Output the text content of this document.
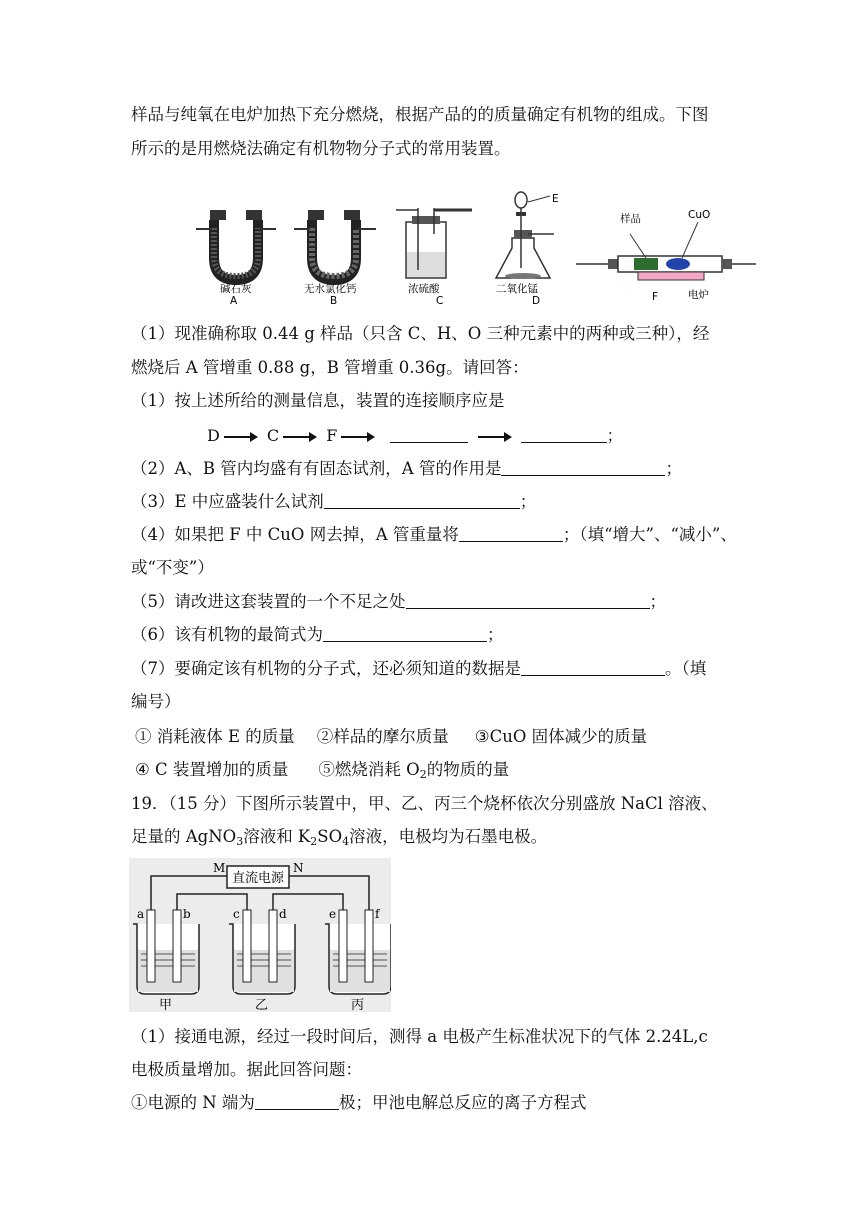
样品与纯氧在电炉加热下充分燃烧，根据产品的的质量确定有机物的组成。下图
所示的是用燃烧法确定有机物物分子式的常用装置。
碱石灰
A
无水氯化钙
B
浓硫酸
C
二氧化锰
D
E
样品	CuO
F	电炉
（1）现准确称取 0.44 g 样品（只含 C、H、O 三种元素中的两种或三种），经
燃烧后 A 管增重 0.88 g，B 管增重 0.36g。请回答：
（1）按上述所给的测量信息，装置的连接顺序应是
D	C	F	；
（2）A、B 管内均盛有有固态试剂，A 管的作用是	；
（3）E 中应盛装什么试剂	；
（4）如果把 F 中 CuO 网去掉，A 管重量将	；（填“增大”、“减小”、
或“不变”）
（5）请改进这套装置的一个不足之处	；
（6）该有机物的最简式为	；
（7）要确定该有机物的分子式，还必须知道的数据是	。（填
编号）
① 消耗液体 E 的质量 ②样品的摩尔质量 ③CuO 固体减少的质量
④ C 装置增加的质量 ⑤燃烧消耗 $O_2$的物质的量
19．（15 分）下图所示装置中，甲、乙、丙三个烧杯依次分别盛放 NaCl 溶液、
足量的 AgNO$_3$溶液和 $K_2SO_4$溶液，电极均为石墨电极。
直流电源
M	N
a	b	c	d	e	f
甲	乙	丙
（1）接通电源，经过一段时间后，测得 a 电极产生标准状况下的气体 2.24L,c
电极质量增加。据此回答问题：
①电源的 N 端为	极；甲池电解总反应的离子方程式
